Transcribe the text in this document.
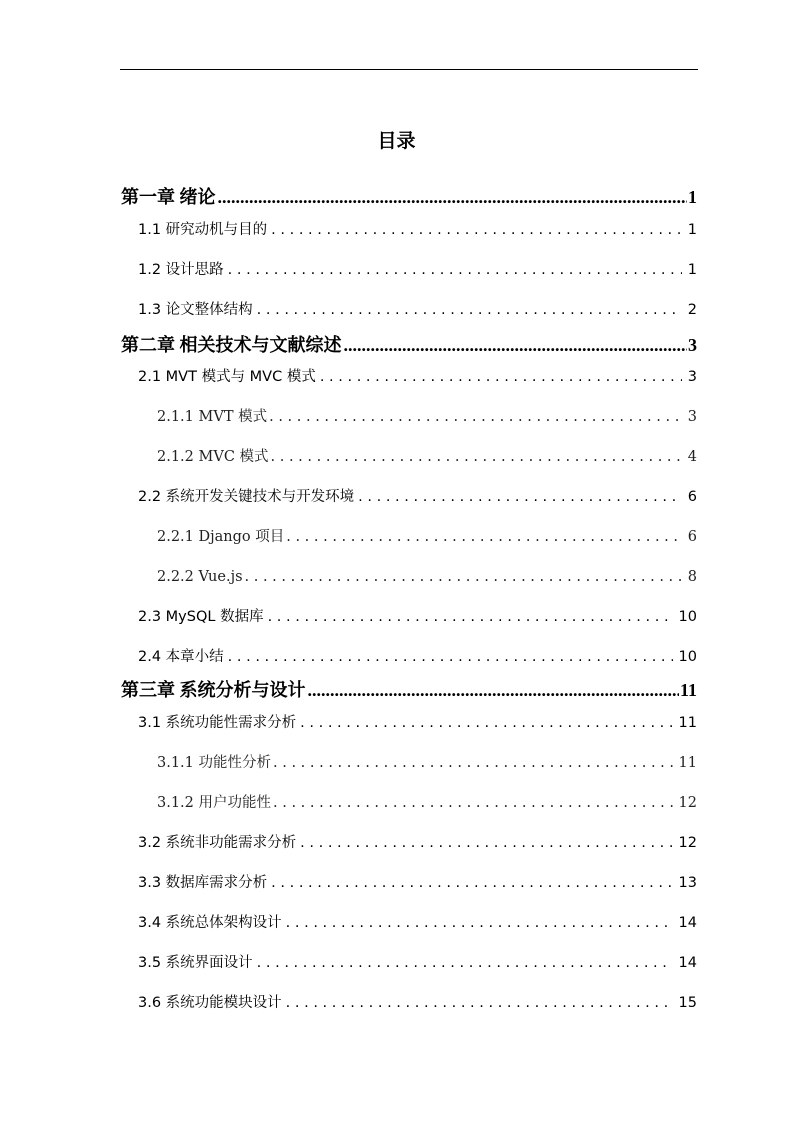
目录
第一章 绪论 .....	1
1.1 研究动机与目的 . . .	1
1.2 设计思路 . . .	1
1.3 论文整体结构 . . .	2
第二章 相关技术与文献综述 .....	3
2.1 MVT 模式与 MVC 模式 . . .	3
2.1.1 MVT 模式 . . .	3
2.1.2 MVC 模式 . . .	4
2.2 系统开发关键技术与开发环境 . . .	6
2.2.1 Django 项目 . . .	6
2.2.2 Vue.js . . .	8
2.3 MySQL 数据库 . . .	10
2.4 本章小结 . . .	10
第三章 系统分析与设计 .....	11
3.1 系统功能性需求分析 . . .	11
3.1.1 功能性分析 . . .	11
3.1.2 用户功能性 . . .	12
3.2 系统非功能需求分析 . . .	12
3.3 数据库需求分析 . . .	13
3.4 系统总体架构设计 . . .	14
3.5 系统界面设计 . . .	14
3.6 系统功能模块设计 . . .	15
